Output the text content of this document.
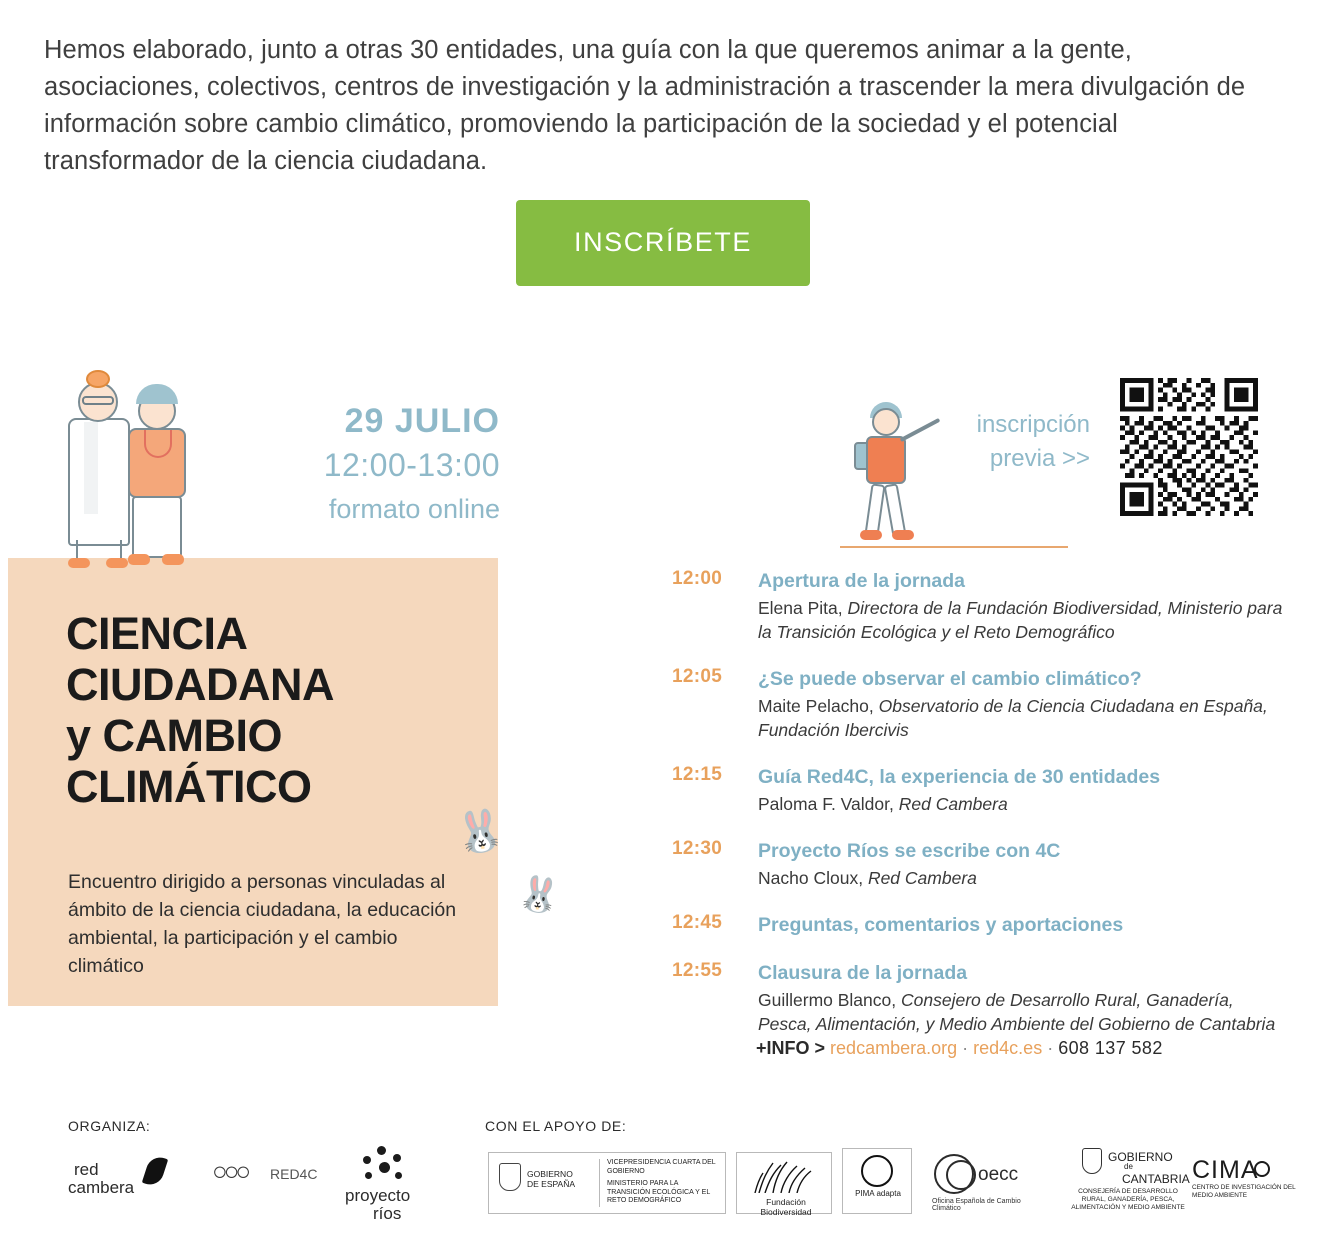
Hemos elaborado, junto a otras 30 entidades, una guía con la que queremos animar a la gente, asociaciones, colectivos, centros de investigación y la administración a trascender la mera divulgación de información sobre cambio climático, promoviendo la participación de la sociedad y el potencial transformador de la ciencia ciudadana.

INSCRÍBETE
29 JULIO
12:00-13:00
formato online
CIENCIA
CIUDADANA
y CAMBIO
CLIMÁTICO
Encuentro dirigido a personas vinculadas al ámbito de la ciencia ciudadana, la educación ambiental, la participación y el cambio climático
🐰
🐰
inscripción
previa >>
12:00	Apertura de la jornada
Elena Pita, Directora de la Fundación Biodiversidad, Ministerio para la Transición Ecológica y el Reto Demográfico
12:05	¿Se puede observar el cambio climático?
Maite Pelacho, Observatorio de la Ciencia Ciudadana en España, Fundación Ibercivis
12:15	Guía Red4C, la experiencia de 30 entidades
Paloma F. Valdor, Red Cambera
12:30	Proyecto Ríos se escribe con 4C
Nacho Cloux, Red Cambera
12:45	Preguntas, comentarios y aportaciones
12:55	Clausura de la jornada
Guillermo Blanco, Consejero de Desarrollo Rural, Ganadería, Pesca, Alimentación, y Medio Ambiente del Gobierno de Cantabria
+INFO > redcambera.org · red4c.es · 608 137 582
ORGANIZA:	CON EL APOYO DE:
red
cambera
○○○ RED4C
proyecto
ríos
GOBIERNO
DE ESPAÑA
VICEPRESIDENCIA CUARTA DEL GOBIERNO
MINISTERIO PARA LA TRANSICIÓN ECOLÓGICA Y EL RETO DEMOGRÁFICO	Fundación Biodiversidad
PIMA adapta
oecc
Oficina Española de Cambio Climático
GOBIERNO
de
CANTABRIA
CONSEJERÍA DE DESARROLLO RURAL, GANADERÍA, PESCA, ALIMENTACIÓN Y MEDIO AMBIENTE
CIMA
CENTRO DE INVESTIGACIÓN DEL MEDIO AMBIENTE
